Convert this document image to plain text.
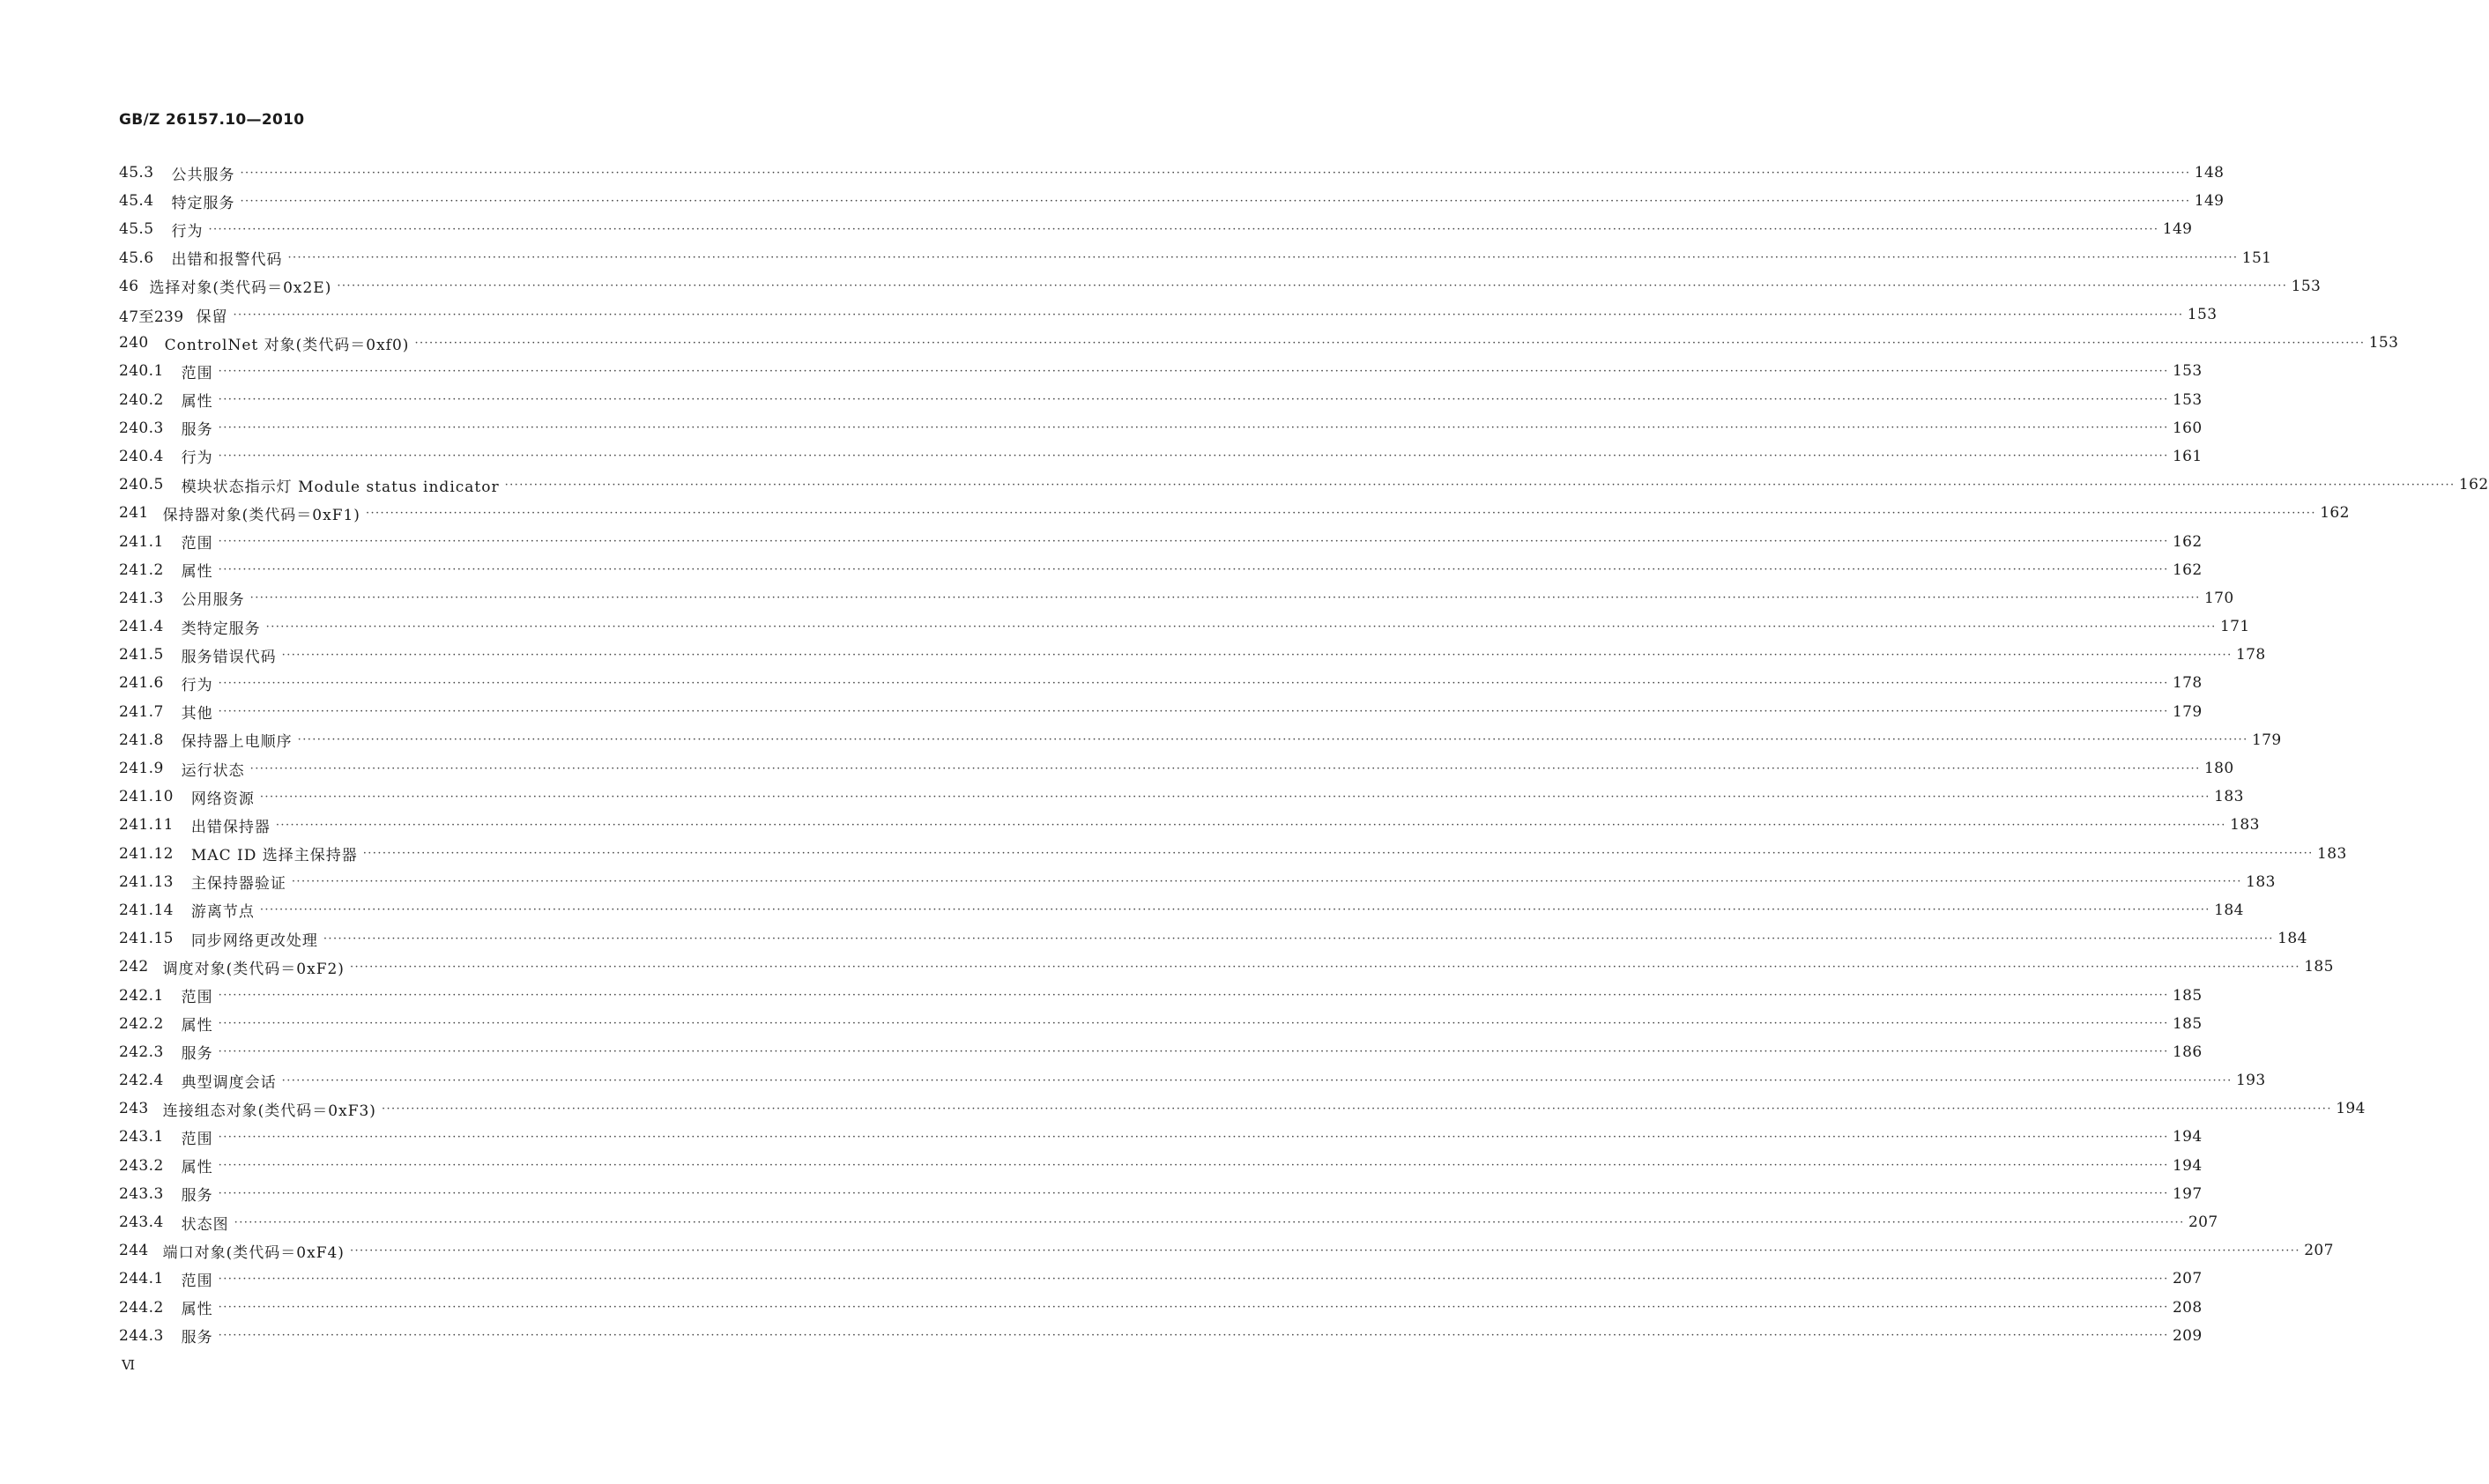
GB/Z 26157.10—2010
45.3 公共服务 ················································································································································································································································································································································································································ 148
45.4 特定服务 ················································································································································································································································································································································································································ 149
45.5 行为 ················································································································································································································································································································································································································ 149
45.6 出错和报警代码 ················································································································································································································································································································································································································ 151
46 选择对象(类代码＝0x2E) ················································································································································································································································································································································································································ 153
47至239 保留 ················································································································································································································································································································································································································ 153
240 ControlNet 对象(类代码＝0xf0) ················································································································································································································································································································································································································ 153
240.1 范围 ················································································································································································································································································································································································································ 153
240.2 属性 ················································································································································································································································································································································································································ 153
240.3 服务 ················································································································································································································································································································································································································ 160
240.4 行为 ················································································································································································································································································································································································································ 161
240.5 模块状态指示灯 Module status indicator ················································································································································································································································································································································································································ 162
241 保持器对象(类代码＝0xF1) ················································································································································································································································································································································································································ 162
241.1 范围 ················································································································································································································································································································································································································ 162
241.2 属性 ················································································································································································································································································································································································································ 162
241.3 公用服务 ················································································································································································································································································································································································································ 170
241.4 类特定服务 ················································································································································································································································································································································································································ 171
241.5 服务错误代码 ················································································································································································································································································································································································································ 178
241.6 行为 ················································································································································································································································································································································································································ 178
241.7 其他 ················································································································································································································································································································································································································ 179
241.8 保持器上电顺序 ················································································································································································································································································································································································································ 179
241.9 运行状态 ················································································································································································································································································································································································································ 180
241.10 网络资源 ················································································································································································································································································································································································································ 183
241.11 出错保持器 ················································································································································································································································································································································································································ 183
241.12 MAC ID 选择主保持器 ················································································································································································································································································································································································································ 183
241.13 主保持器验证 ················································································································································································································································································································································································································ 183
241.14 游离节点 ················································································································································································································································································································································································································ 184
241.15 同步网络更改处理 ················································································································································································································································································································································································································ 184
242 调度对象(类代码＝0xF2) ················································································································································································································································································································································································································ 185
242.1 范围 ················································································································································································································································································································································································································ 185
242.2 属性 ················································································································································································································································································································································································································ 185
242.3 服务 ················································································································································································································································································································································································································ 186
242.4 典型调度会话 ················································································································································································································································································································································································································ 193
243 连接组态对象(类代码＝0xF3) ················································································································································································································································································································································································································ 194
243.1 范围 ················································································································································································································································································································································································································ 194
243.2 属性 ················································································································································································································································································································································································································ 194
243.3 服务 ················································································································································································································································································································································································································ 197
243.4 状态图 ················································································································································································································································································································································································································ 207
244 端口对象(类代码＝0xF4) ················································································································································································································································································································································································································ 207
244.1 范围 ················································································································································································································································································································································································································ 207
244.2 属性 ················································································································································································································································································································································································································ 208
244.3 服务 ················································································································································································································································································································································································································ 209
Ⅵ
